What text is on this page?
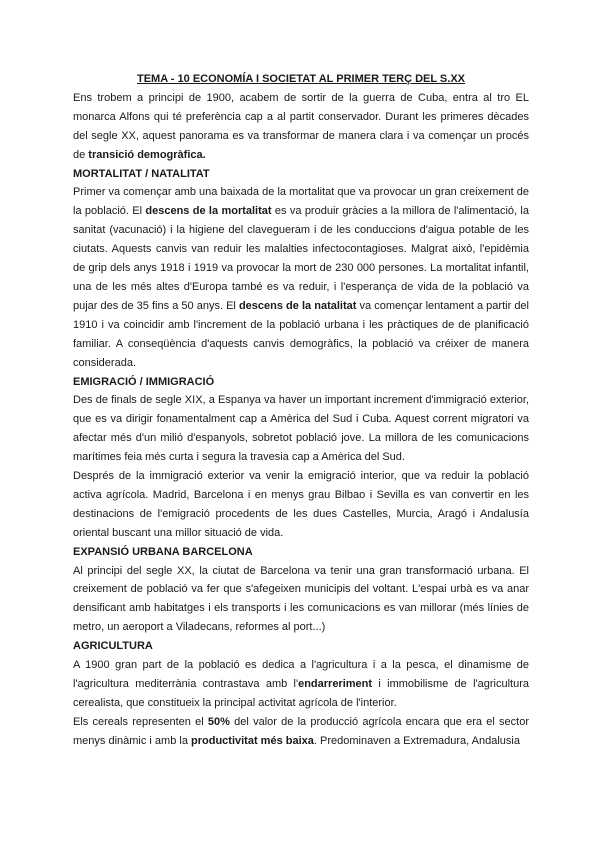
TEMA - 10 ECONOMÍA I SOCIETAT AL PRIMER TERÇ DEL S.XX

Ens trobem a principi de 1900, acabem de sortir de la guerra de Cuba, entra al tro EL monarca Alfons qui té preferència cap a al partit conservador. Durant les primeres dècades del segle XX, aquest panorama es va transformar de manera clara i va començar un procés de transició demogràfica.

MORTALITAT / NATALITAT

Primer va començar amb una baixada de la mortalitat que va provocar un gran creixement de la població. El descens de la mortalitat es va produir gràcies a la millora de l'alimentació, la sanitat (vacunació) i la higiene del clavegueram i de les conduccions d'aigua potable de les ciutats. Aquests canvis van reduir les malalties infectocontagioses. Malgrat això, l'epidèmia de grip dels anys 1918 i 1919 va provocar la mort de 230 000 persones. La mortalitat infantil, una de les més altes d'Europa també es va reduir, i l'esperança de vida de la població va pujar des de 35 fins a 50 anys. El descens de la natalitat va començar lentament a partir del 1910 i va coincidir amb l'increment de la població urbana i les pràctiques de de planificació familiar. A conseqüència d'aquests canvis demogràfics, la població va créixer de manera considerada.

EMIGRACIÓ / IMMIGRACIÓ

Des de finals de segle XIX, a Espanya va haver un important increment d'immigració exterior, que es va dirigir fonamentalment cap a Amèrica del Sud i Cuba. Aquest corrent migratori va afectar més d'un milió d'espanyols, sobretot població jove. La millora de les comunicacions marítimes feia més curta i segura la travesia cap a Amèrica del Sud.

Després de la immigració exterior va venir la emigració interior, que va reduir la població activa agrícola. Madrid, Barcelona i en menys grau Bilbao i Sevilla es van convertir en les destinacions de l'emigració procedents de les dues Castelles, Murcia, Aragó i Andalusía oriental buscant una millor situació de vida.

EXPANSIÓ URBANA BARCELONA

Al principi del segle XX, la ciutat de Barcelona va tenir una gran transformació urbana. El creixement de població va fer que s'afegeixen municipis del voltant. L'espai urbà es va anar densificant amb habitatges i els transports i les comunicacions es van millorar (més línies de metro, un aeroport a Viladecans, reformes al port...)

AGRICULTURA

A 1900 gran part de la població es dedica a l'agricultura i a la pesca, el dinamisme de l'agricultura mediterrània contrastava amb l'endarreriment i immobilisme de l'agricultura cerealista, que constitueix la principal activitat agrícola de l'interior.

Els cereals representen el 50% del valor de la producció agrícola encara que era el sector menys dinàmic i amb la productivitat més baixa. Predominaven a Extremadura, Andalusia
